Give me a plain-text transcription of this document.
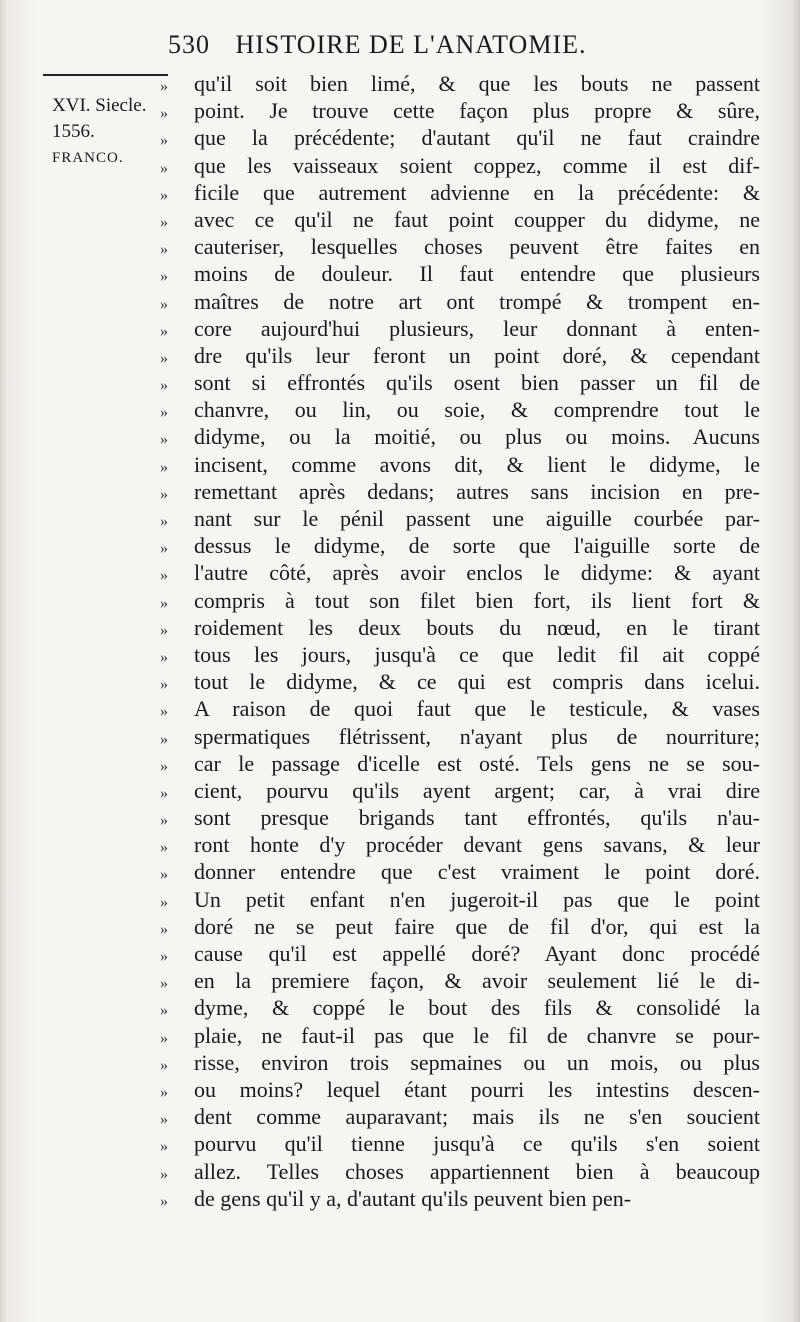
530 HISTOIRE DE L'ANATOMIE.
XVI. Siecle.
1556.
FRANCO.
»	qu'il soit bien limé, & que les bouts ne passent
»	point. Je trouve cette façon plus propre & sûre,
»	que la précédente; d'autant qu'il ne faut craindre
»	que les vaisseaux soient coppez, comme il est dif-
»	ficile que autrement advienne en la précédente: &
»	avec ce qu'il ne faut point coupper du didyme, ne
»	cauteriser, lesquelles choses peuvent être faites en
»	moins de douleur. Il faut entendre que plusieurs
»	maîtres de notre art ont trompé & trompent en-
»	core aujourd'hui plusieurs, leur donnant à enten-
»	dre qu'ils leur feront un point doré, & cependant
»	sont si effrontés qu'ils osent bien passer un fil de
»	chanvre, ou lin, ou soie, & comprendre tout le
»	didyme, ou la moitié, ou plus ou moins. Aucuns
»	incisent, comme avons dit, & lient le didyme, le
»	remettant après dedans; autres sans incision en pre-
»	nant sur le pénil passent une aiguille courbée par-
»	dessus le didyme, de sorte que l'aiguille sorte de
»	l'autre côté, après avoir enclos le didyme: & ayant
»	compris à tout son filet bien fort, ils lient fort &
»	roidement les deux bouts du nœud, en le tirant
»	tous les jours, jusqu'à ce que ledit fil ait coppé
»	tout le didyme, & ce qui est compris dans icelui.
»	A raison de quoi faut que le testicule, & vases
»	spermatiques flétrissent, n'ayant plus de nourriture;
»	car le passage d'icelle est osté. Tels gens ne se sou-
»	cient, pourvu qu'ils ayent argent; car, à vrai dire
»	sont presque brigands tant effrontés, qu'ils n'au-
»	ront honte d'y procéder devant gens savans, & leur
»	donner entendre que c'est vraiment le point doré.
»	Un petit enfant n'en jugeroit-il pas que le point
»	doré ne se peut faire que de fil d'or, qui est la
»	cause qu'il est appellé doré? Ayant donc procédé
»	en la premiere façon, & avoir seulement lié le di-
»	dyme, & coppé le bout des fils & consolidé la
»	plaie, ne faut-il pas que le fil de chanvre se pour-
»	risse, environ trois sepmaines ou un mois, ou plus
»	ou moins? lequel étant pourri les intestins descen-
»	dent comme auparavant; mais ils ne s'en soucient
»	pourvu qu'il tienne jusqu'à ce qu'ils s'en soient
»	allez. Telles choses appartiennent bien à beaucoup
»	de gens qu'il y a, d'autant qu'ils peuvent bien pen-
